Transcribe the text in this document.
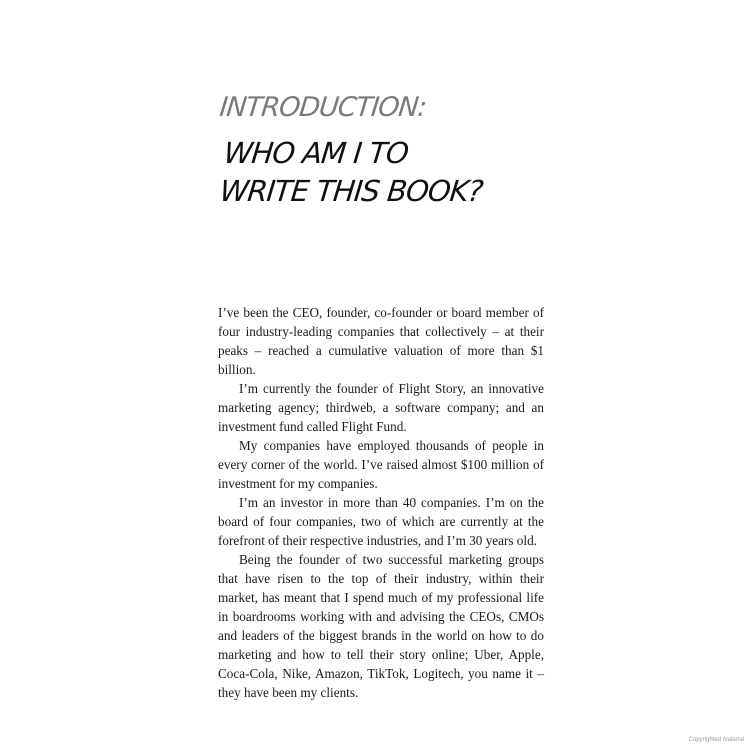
INTRODUCTION:
WHO AM I TO
WRITE THIS BOOK?

I’ve been the CEO, founder, co-founder or board member of four industry-leading companies that collectively – at their peaks – reached a cumulative valuation of more than $1 billion.

I’m currently the founder of Flight Story, an innovative marketing agency; thirdweb, a software company; and an investment fund called Flight Fund.

My companies have employed thousands of people in every corner of the world. I’ve raised almost $100 million of investment for my companies.

I’m an investor in more than 40 companies. I’m on the board of four companies, two of which are currently at the forefront of their respective industries, and I’m 30 years old.

Being the founder of two successful marketing groups that have risen to the top of their industry, within their market, has meant that I spend much of my professional life in boardrooms working with and advising the CEOs, CMOs and leaders of the biggest brands in the world on how to do marketing and how to tell their story online; Uber, Apple, Coca-Cola, Nike, Amazon, TikTok, Logitech, you name it – they have been my clients.

Copyrighted material
